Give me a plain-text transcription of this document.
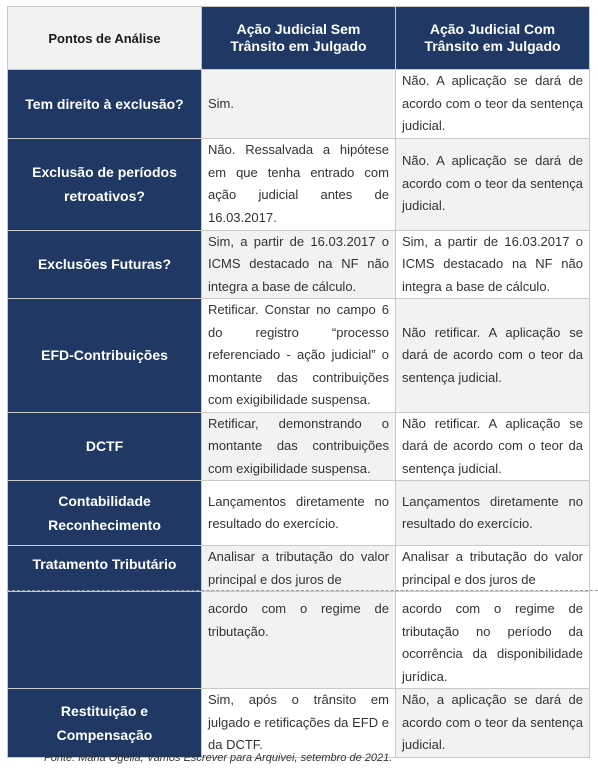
Pontos de Análise	Ação Judicial Sem Trânsito em Julgado	Ação Judicial Com Trânsito em Julgado
Tem direito à exclusão?	Sim.	Não. A aplicação se dará de acordo com o teor da sentença judicial.
Exclusão de períodos retroativos?	Não. Ressalvada a hipótese em que tenha entrado com ação judicial antes de 16.03.2017.	Não. A aplicação se dará de acordo com o teor da sentença judicial.
Exclusões Futuras?	Sim, a partir de 16.03.2017 o ICMS destacado na NF não integra a base de cálculo.	Sim, a partir de 16.03.2017 o ICMS destacado na NF não integra a base de cálculo.
EFD-Contribuições	Retificar. Constar no campo 6 do registro “processo referenciado - ação judicial” o montante das contribuições com exigibilidade suspensa.	Não retificar. A aplicação se dará de acordo com o teor da sentença judicial.
DCTF	Retificar, demonstrando o montante das contribuições com exigibilidade suspensa.	Não retificar. A aplicação se dará de acordo com o teor da sentença judicial.
Contabilidade Reconhecimento	Lançamentos diretamente no resultado do exercício.	Lançamentos diretamente no resultado do exercício.
Tratamento Tributário	Analisar a tributação do valor principal e dos juros de	Analisar a tributação do valor principal e dos juros de
	acordo com o regime de tributação.	acordo com o regime de tributação no período da ocorrência da disponibilidade jurídica.
Restituição e Compensação	Sim, após o trânsito em julgado e retificações da EFD e da DCTF.	Não, a aplicação se dará de acordo com o teor da sentença judicial.
Fonte: Maria Ogélia, Vamos Escrever para Arquivei, setembro de 2021.
